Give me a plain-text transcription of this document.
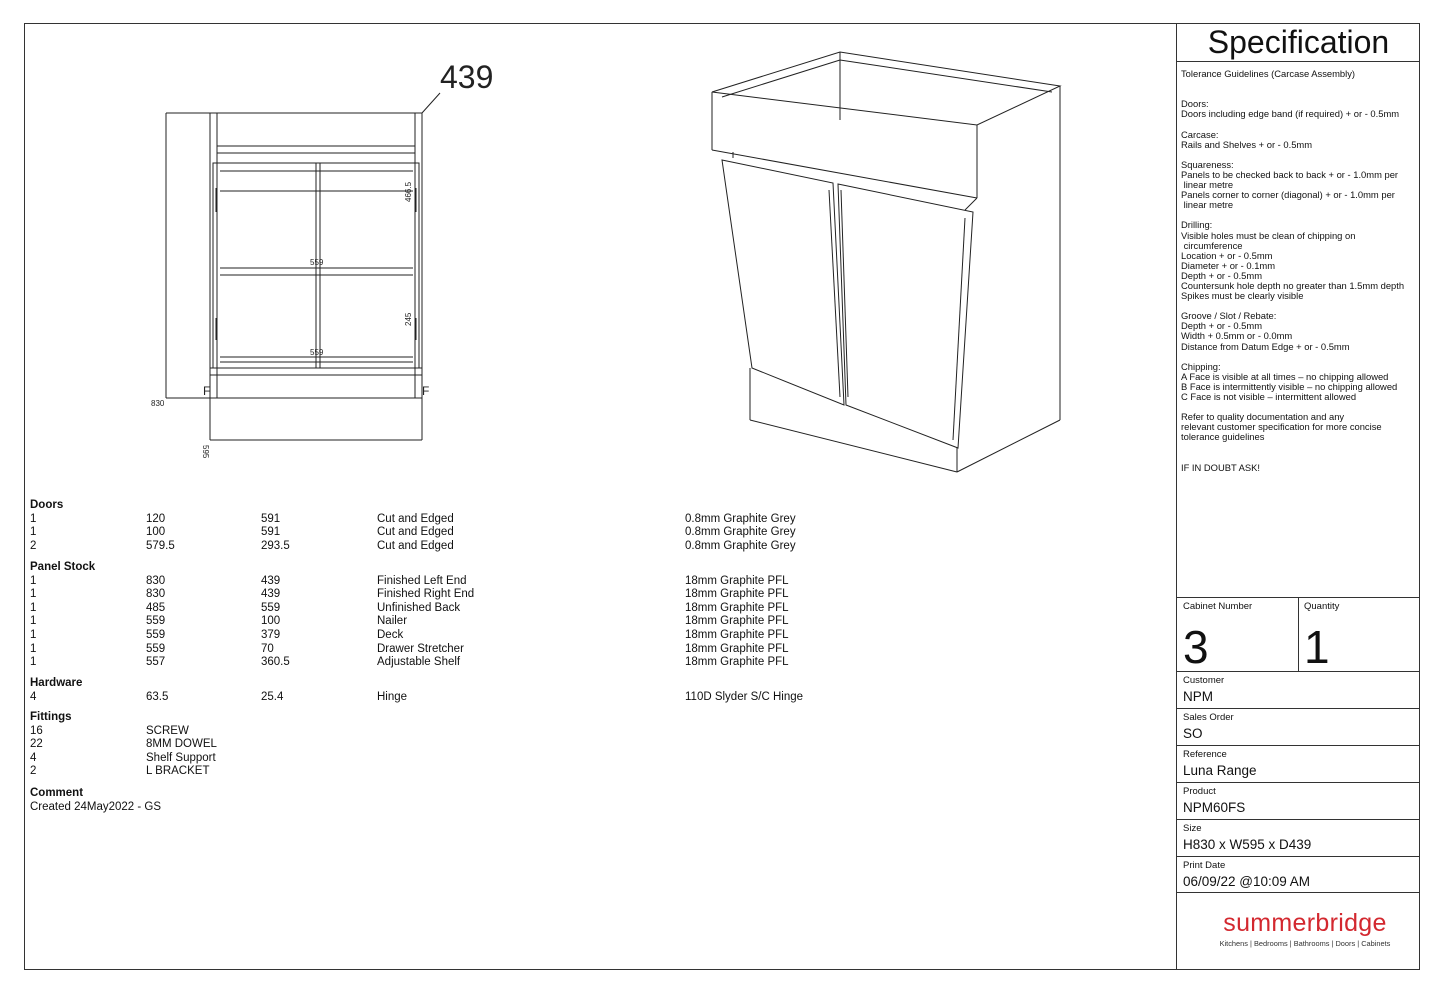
439
559
559
830
F	F
466.5
245
595
Doors
1	120	591	Cut and Edged	0.8mm Graphite Grey
1	100	591	Cut and Edged	0.8mm Graphite Grey
2	579.5	293.5	Cut and Edged	0.8mm Graphite Grey
Panel Stock
1	830	439	Finished Left End	18mm Graphite PFL
1	830	439	Finished Right End	18mm Graphite PFL
1	485	559	Unfinished Back	18mm Graphite PFL
1	559	100	Nailer	18mm Graphite PFL
1	559	379	Deck	18mm Graphite PFL
1	559	70	Drawer Stretcher	18mm Graphite PFL
1	557	360.5	Adjustable Shelf	18mm Graphite PFL
Hardware
4	63.5	25.4	Hinge	110D Slyder S/C Hinge
Fittings
16	SCREW
22	8MM DOWEL
4	Shelf Support
2	L BRACKET
Comment
Created 24May2022 - GS
Specification
Tolerance Guidelines (Carcase Assembly)

Doors:
Doors including edge band (if required) + or - 0.5mm

Carcase:
Rails and Shelves + or - 0.5mm

Squareness:
Panels to be checked back to back + or - 1.0mm per
linear metre
Panels corner to corner (diagonal) + or - 1.0mm per
linear metre

Drilling:
Visible holes must be clean of chipping on
circumference
Location + or - 0.5mm
Diameter + or - 0.1mm
Depth + or - 0.5mm
Countersunk hole depth no greater than 1.5mm depth
Spikes must be clearly visible

Groove / Slot / Rebate:
Depth + or - 0.5mm
Width + 0.5mm or - 0.0mm
Distance from Datum Edge + or - 0.5mm

Chipping:
A Face is visible at all times – no chipping allowed
B Face is intermittently visible – no chipping allowed
C Face is not visible – intermittent allowed

Refer to quality documentation and any
relevant customer specification for more concise
tolerance guidelines

IF IN DOUBT ASK!
Cabinet Number
3
Quantity
1
Customer
NPM
Sales Order
SO
Reference
Luna Range
Product
NPM60FS
Size
H830 x W595 x D439
Print Date
06/09/22 @10:09 AM
summerbridge
Kitchens | Bedrooms | Bathrooms | Doors | Cabinets
